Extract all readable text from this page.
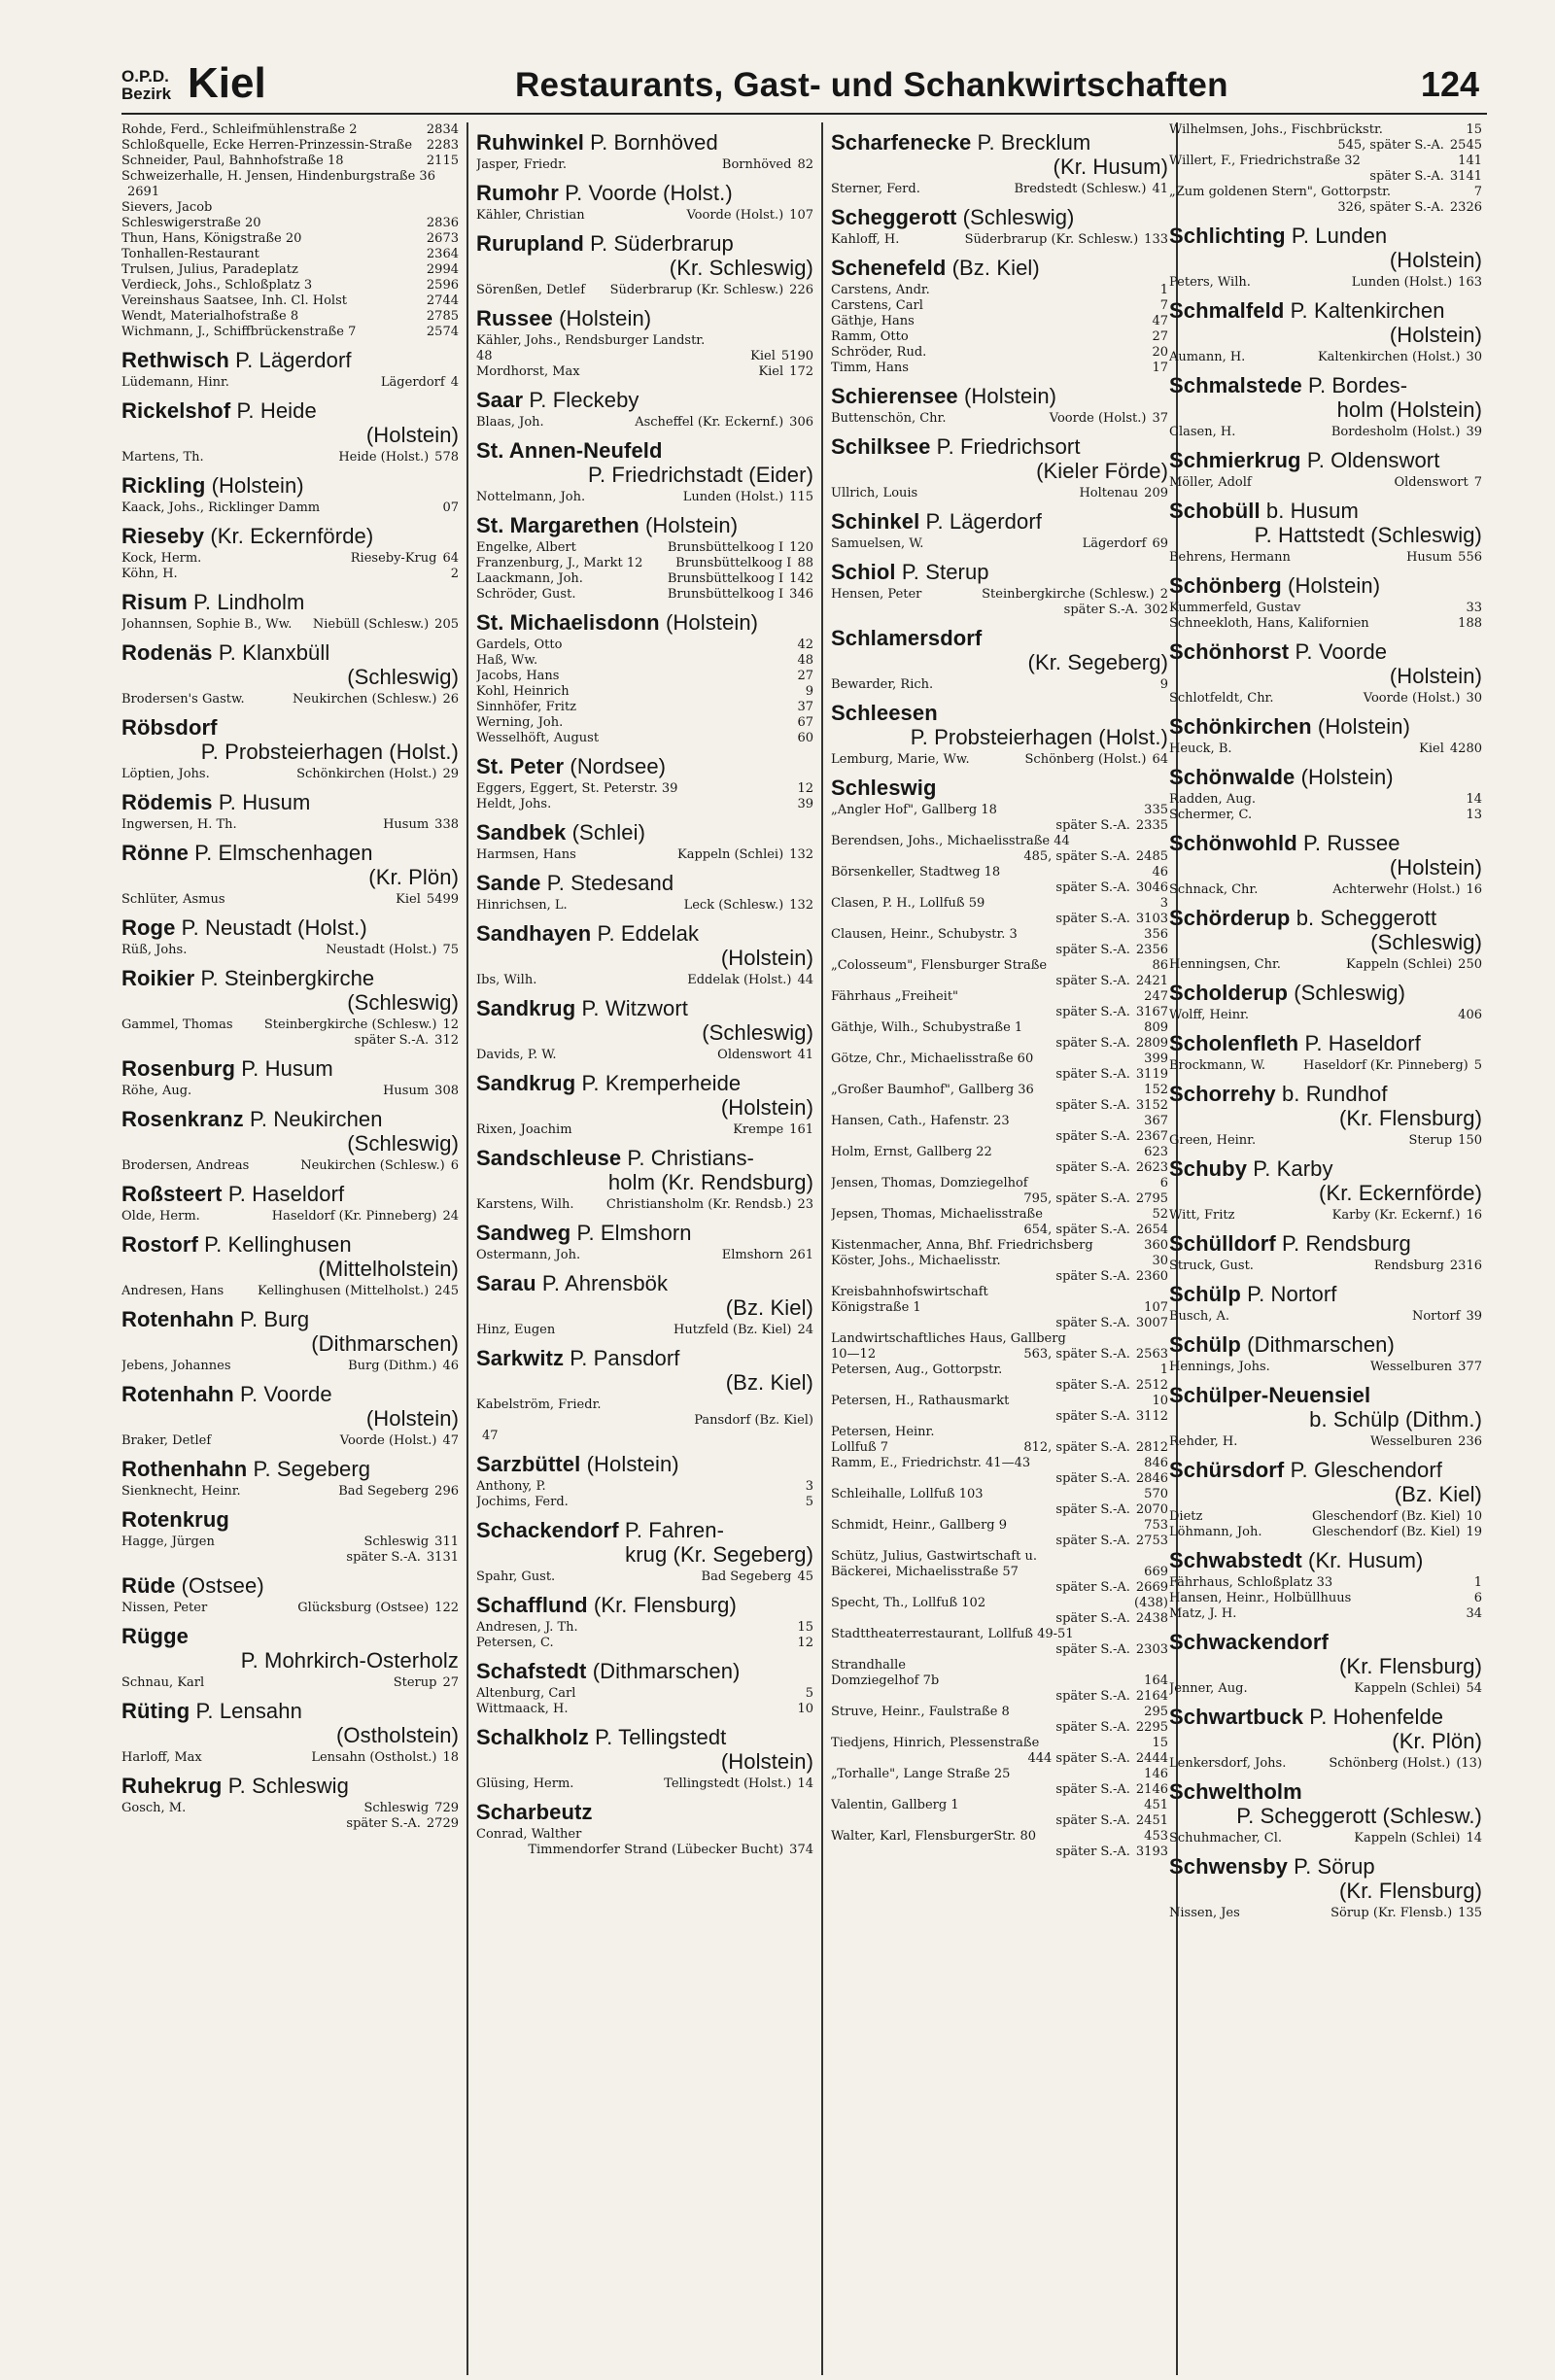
O.P.D.
Bezirk Kiel	Restaurants, Gast- und Schankwirtschaften	124
Rohde, Ferd., Schleifmühlenstraße 2	2834
Schloßquelle, Ecke Herren-Prinzessin-Straße	2283
Schneider, Paul, Bahnhofstraße 18	2115
Schweizerhalle, H. Jensen, Hindenburgstraße 36
2691
Sievers, Jacob
Schleswigerstraße 20	2836
Thun, Hans, Königstraße 20	2673
Tonhallen-Restaurant	2364
Trulsen, Julius, Paradeplatz	2994
Verdieck, Johs., Schloßplatz 3	2596
Vereinshaus Saatsee, Inh. Cl. Holst	2744
Wendt, Materialhofstraße 8	2785
Wichmann, J., Schiffbrückenstraße 7	2574
Rethwisch P. Lägerdorf
Lüdemann, Hinr.	Lägerdorf 4
Rickelshof P. Heide
(Holstein)
Martens, Th.	Heide (Holst.) 578
Rickling (Holstein)
Kaack, Johs., Ricklinger Damm	07
Rieseby (Kr. Eckernförde)
Kock, Herm.	Rieseby-Krug 64
Köhn, H.	2
Risum P. Lindholm
Johannsen, Sophie B., Ww.	Niebüll (Schlesw.) 205
Rodenäs P. Klanxbüll
(Schleswig)
Brodersen's Gastw.	Neukirchen (Schlesw.) 26
Röbsdorf
P. Probsteierhagen (Holst.)
Löptien, Johs.	Schönkirchen (Holst.) 29
Rödemis P. Husum
Ingwersen, H. Th.	Husum 338
Rönne P. Elmschenhagen
(Kr. Plön)
Schlüter, Asmus	Kiel 5499
Roge P. Neustadt (Holst.)
Rüß, Johs.	Neustadt (Holst.) 75
Roikier P. Steinbergkirche
(Schleswig)
Gammel, Thomas	Steinbergkirche (Schlesw.) 12
später S.-A. 312
Rosenburg P. Husum
Röhe, Aug.	Husum 308
Rosenkranz P. Neukirchen
(Schleswig)
Brodersen, Andreas	Neukirchen (Schlesw.) 6
Roßsteert P. Haseldorf
Olde, Herm.	Haseldorf (Kr. Pinneberg) 24
Rostorf P. Kellinghusen
(Mittelholstein)
Andresen, Hans	Kellinghusen (Mittelholst.) 245
Rotenhahn P. Burg
(Dithmarschen)
Jebens, Johannes	Burg (Dithm.) 46
Rotenhahn P. Voorde
(Holstein)
Braker, Detlef	Voorde (Holst.) 47
Rothenhahn P. Segeberg
Sienknecht, Heinr.	Bad Segeberg 296
Rotenkrug
Hagge, Jürgen	Schleswig 311
später S.-A. 3131
Rüde (Ostsee)
Nissen, Peter	Glücksburg (Ostsee) 122
Rügge
P. Mohrkirch-Osterholz
Schnau, Karl	Sterup 27
Rüting P. Lensahn
(Ostholstein)
Harloff, Max	Lensahn (Ostholst.) 18
Ruhekrug P. Schleswig
Gosch, M.	Schleswig 729
später S.-A. 2729
Ruhwinkel P. Bornhöved
Jasper, Friedr.	Bornhöved 82
Rumohr P. Voorde (Holst.)
Kähler, Christian	Voorde (Holst.) 107
Rurupland P. Süderbrarup
(Kr. Schleswig)
Sörenßen, Detlef	Süderbrarup (Kr. Schlesw.) 226
Russee (Holstein)
Kähler, Johs., Rendsburger Landstr.
48	Kiel 5190
Mordhorst, Max	Kiel 172
Saar P. Fleckeby
Blaas, Joh.	Ascheffel (Kr. Eckernf.) 306
St. Annen-Neufeld
P. Friedrichstadt (Eider)
Nottelmann, Joh.	Lunden (Holst.) 115
St. Margarethen (Holstein)
Engelke, Albert	Brunsbüttelkoog I 120
Franzenburg, J., Markt 12	Brunsbüttelkoog I 88
Laackmann, Joh.	Brunsbüttelkoog I 142
Schröder, Gust.	Brunsbüttelkoog I 346
St. Michaelisdonn (Holstein)
Gardels, Otto	42
Haß, Ww.	48
Jacobs, Hans	27
Kohl, Heinrich	9
Sinnhöfer, Fritz	37
Werning, Joh.	67
Wesselhöft, August	60
St. Peter (Nordsee)
Eggers, Eggert, St. Peterstr. 39	12
Heldt, Johs.	39
Sandbek (Schlei)
Harmsen, Hans	Kappeln (Schlei) 132
Sande P. Stedesand
Hinrichsen, L.	Leck (Schlesw.) 132
Sandhayen P. Eddelak
(Holstein)
Ibs, Wilh.	Eddelak (Holst.) 44
Sandkrug P. Witzwort
(Schleswig)
Davids, P. W.	Oldenswort 41
Sandkrug P. Kremperheide
(Holstein)
Rixen, Joachim	Krempe 161
Sandschleuse P. Christians-
holm (Kr. Rendsburg)
Karstens, Wilh.	Christiansholm (Kr. Rendsb.) 23
Sandweg P. Elmshorn
Ostermann, Joh.	Elmshorn 261
Sarau P. Ahrensbök
(Bz. Kiel)
Hinz, Eugen	Hutzfeld (Bz. Kiel) 24
Sarkwitz P. Pansdorf
(Bz. Kiel)
Kabelström, Friedr.
Pansdorf (Bz. Kiel)
47
Sarzbüttel (Holstein)
Anthony, P.	3
Jochims, Ferd.	5
Schackendorf P. Fahren-
krug (Kr. Segeberg)
Spahr, Gust.	Bad Segeberg 45
Schafflund (Kr. Flensburg)
Andresen, J. Th.	15
Petersen, C.	12
Schafstedt (Dithmarschen)
Altenburg, Carl	5
Wittmaack, H.	10
Schalkholz P. Tellingstedt
(Holstein)
Glüsing, Herm.	Tellingstedt (Holst.) 14
Scharbeutz
Conrad, Walther
Timmendorfer Strand (Lübecker Bucht) 374
Scharfenecke P. Brecklum
(Kr. Husum)
Sterner, Ferd.	Bredstedt (Schlesw.) 41
Scheggerott (Schleswig)
Kahloff, H.	Süderbrarup (Kr. Schlesw.) 133
Schenefeld (Bz. Kiel)
Carstens, Andr.	1
Carstens, Carl	7
Gäthje, Hans	47
Ramm, Otto	27
Schröder, Rud.	20
Timm, Hans	17
Schierensee (Holstein)
Buttenschön, Chr.	Voorde (Holst.) 37
Schilksee P. Friedrichsort
(Kieler Förde)
Ullrich, Louis	Holtenau 209
Schinkel P. Lägerdorf
Samuelsen, W.	Lägerdorf 69
Schiol P. Sterup
Hensen, Peter	Steinbergkirche (Schlesw.) 2
später S.-A. 302
Schlamersdorf
(Kr. Segeberg)
Bewarder, Rich.	9
Schleesen
P. Probsteierhagen (Holst.)
Lemburg, Marie, Ww.	Schönberg (Holst.) 64
Schleswig
„Angler Hof", Gallberg 18	335
später S.-A. 2335
Berendsen, Johs., Michaelisstraße 44
485, später S.-A. 2485
Börsenkeller, Stadtweg 18	46
später S.-A. 3046
Clasen, P. H., Lollfuß 59	3
später S.-A. 3103
Clausen, Heinr., Schubystr. 3	356
später S.-A. 2356
„Colosseum", Flensburger Straße	86
später S.-A. 2421
Fährhaus „Freiheit"	247
später S.-A. 3167
Gäthje, Wilh., Schubystraße 1	809
später S.-A. 2809
Götze, Chr., Michaelisstraße 60	399
später S.-A. 3119
„Großer Baumhof", Gallberg 36	152
später S.-A. 3152
Hansen, Cath., Hafenstr. 23	367
später S.-A. 2367
Holm, Ernst, Gallberg 22	623
später S.-A. 2623
Jensen, Thomas, Domziegelhof	6
795, später S.-A. 2795
Jepsen, Thomas, Michaelisstraße	52
654, später S.-A. 2654
Kistenmacher, Anna, Bhf. Friedrichsberg	360
Köster, Johs., Michaelisstr.	30
später S.-A. 2360
Kreisbahnhofswirtschaft
Königstraße 1	107
später S.-A. 3007
Landwirtschaftliches Haus, Gallberg
10—12	563, später S.-A. 2563
Petersen, Aug., Gottorpstr.	1
später S.-A. 2512
Petersen, H., Rathausmarkt	10
später S.-A. 3112
Petersen, Heinr.
Lollfuß 7	812, später S.-A. 2812
Ramm, E., Friedrichstr. 41—43	846
später S.-A. 2846
Schleihalle, Lollfuß 103	570
später S.-A. 2070
Schmidt, Heinr., Gallberg 9	753
später S.-A. 2753
Schütz, Julius, Gastwirtschaft u.
Bäckerei, Michaelisstraße 57	669
später S.-A. 2669
Specht, Th., Lollfuß 102	(438)
später S.-A. 2438
Stadttheaterrestaurant, Lollfuß 49-51
später S.-A. 2303
Strandhalle
Domziegelhof 7b	164
später S.-A. 2164
Struve, Heinr., Faulstraße 8	295
später S.-A. 2295
Tiedjens, Hinrich, Plessenstraße	15
444 später S.-A. 2444
„Torhalle", Lange Straße 25	146
später S.-A. 2146
Valentin, Gallberg 1	451
später S.-A. 2451
Walter, Karl, FlensburgerStr. 80	453
später S.-A. 3193
Wilhelmsen, Johs., Fischbrückstr.	15
545, später S.-A. 2545
Willert, F., Friedrichstraße 32	141
später S.-A. 3141
„Zum goldenen Stern", Gottorpstr.	7
326, später S.-A. 2326
Schlichting P. Lunden
(Holstein)
Peters, Wilh.	Lunden (Holst.) 163
Schmalfeld P. Kaltenkirchen
(Holstein)
Aumann, H.	Kaltenkirchen (Holst.) 30
Schmalstede P. Bordes-
holm (Holstein)
Clasen, H.	Bordesholm (Holst.) 39
Schmierkrug P. Oldenswort
Möller, Adolf	Oldenswort 7
Schobüll b. Husum
P. Hattstedt (Schleswig)
Behrens, Hermann	Husum 556
Schönberg (Holstein)
Kummerfeld, Gustav	33
Schneekloth, Hans, Kalifornien	188
Schönhorst P. Voorde
(Holstein)
Schlotfeldt, Chr.	Voorde (Holst.) 30
Schönkirchen (Holstein)
Heuck, B.	Kiel 4280
Schönwalde (Holstein)
Radden, Aug.	14
Schermer, C.	13
Schönwohld P. Russee
(Holstein)
Schnack, Chr.	Achterwehr (Holst.) 16
Schörderup b. Scheggerott
(Schleswig)
Henningsen, Chr.	Kappeln (Schlei) 250
Scholderup (Schleswig)
Wolff, Heinr.	406
Scholenfleth P. Haseldorf
Brockmann, W.	Haseldorf (Kr. Pinneberg) 5
Schorrehy b. Rundhof
(Kr. Flensburg)
Green, Heinr.	Sterup 150
Schuby P. Karby
(Kr. Eckernförde)
Witt, Fritz	Karby (Kr. Eckernf.) 16
Schülldorf P. Rendsburg
Struck, Gust.	Rendsburg 2316
Schülp P. Nortorf
Busch, A.	Nortorf 39
Schülp (Dithmarschen)
Hennings, Johs.	Wesselburen 377
Schülper-Neuensiel
b. Schülp (Dithm.)
Rehder, H.	Wesselburen 236
Schürsdorf P. Gleschendorf
(Bz. Kiel)
Dietz	Gleschendorf (Bz. Kiel) 10
Löhmann, Joh.	Gleschendorf (Bz. Kiel) 19
Schwabstedt (Kr. Husum)
Fährhaus, Schloßplatz 33	1
Hansen, Heinr., Holbüllhuus	6
Matz, J. H.	34
Schwackendorf
(Kr. Flensburg)
Jenner, Aug.	Kappeln (Schlei) 54
Schwartbuck P. Hohenfelde
(Kr. Plön)
Lenkersdorf, Johs.	Schönberg (Holst.) (13)
Schweltholm
P. Scheggerott (Schlesw.)
Schuhmacher, Cl.	Kappeln (Schlei) 14
Schwensby P. Sörup
(Kr. Flensburg)
Nissen, Jes	Sörup (Kr. Flensb.) 135
